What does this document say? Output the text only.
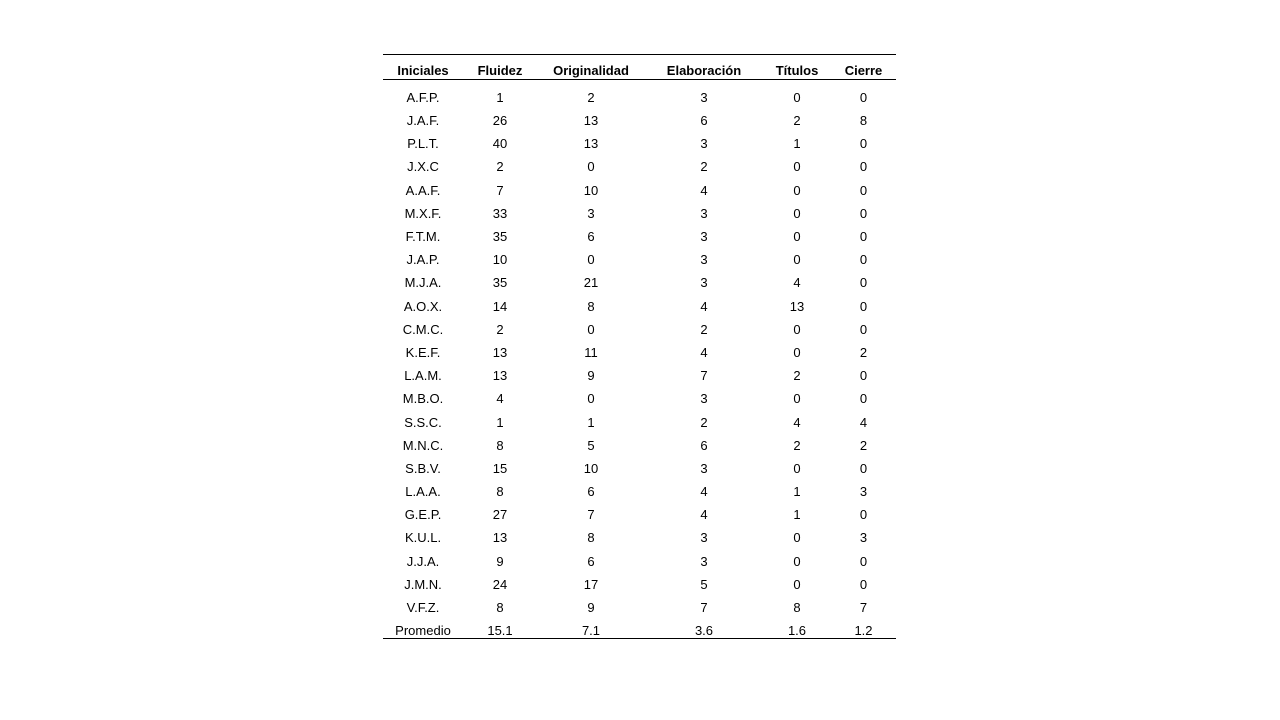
Iniciales	Fluidez	Originalidad	Elaboración	Títulos	Cierre
A.F.P.	1	2	3	0	0
J.A.F.	26	13	6	2	8
P.L.T.	40	13	3	1	0
J.X.C	2	0	2	0	0
A.A.F.	7	10	4	0	0
M.X.F.	33	3	3	0	0
F.T.M.	35	6	3	0	0
J.A.P.	10	0	3	0	0
M.J.A.	35	21	3	4	0
A.O.X.	14	8	4	13	0
C.M.C.	2	0	2	0	0
K.E.F.	13	11	4	0	2
L.A.M.	13	9	7	2	0
M.B.O.	4	0	3	0	0
S.S.C.	1	1	2	4	4
M.N.C.	8	5	6	2	2
S.B.V.	15	10	3	0	0
L.A.A.	8	6	4	1	3
G.E.P.	27	7	4	1	0
K.U.L.	13	8	3	0	3
J.J.A.	9	6	3	0	0
J.M.N.	24	17	5	0	0
V.F.Z.	8	9	7	8	7
Promedio	15.1	7.1	3.6	1.6	1.2
